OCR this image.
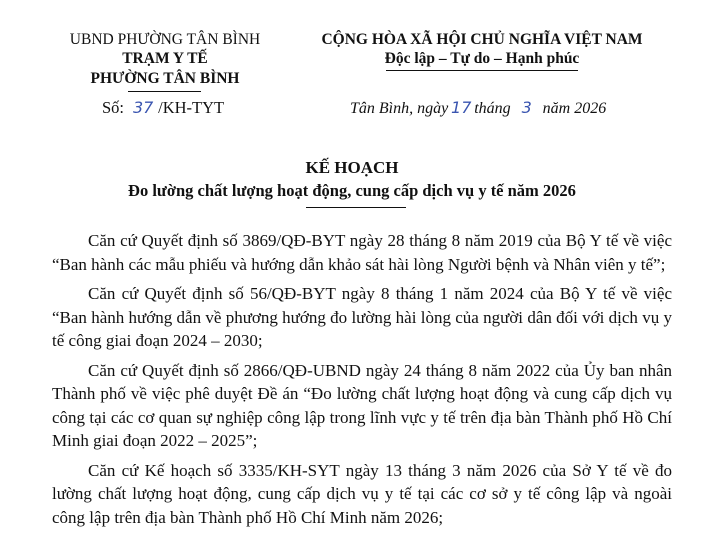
UBND PHƯỜNG TÂN BÌNH
TRẠM Y TẾ
PHƯỜNG TÂN BÌNH
Số: 37 /KH-TYT
CỘNG HÒA XÃ HỘI CHỦ NGHĨA VIỆT NAM
Độc lập – Tự do – Hạnh phúc
Tân Bình, ngày 17 tháng 3 năm 2026
KẾ HOẠCH
Đo lường chất lượng hoạt động, cung cấp dịch vụ y tế năm 2026

Căn cứ Quyết định số 3869/QĐ-BYT ngày 28 tháng 8 năm 2019 của Bộ Y tế về việc “Ban hành các mẫu phiếu và hướng dẫn khảo sát hài lòng Người bệnh và Nhân viên y tế”;

Căn cứ Quyết định số 56/QĐ-BYT ngày 8 tháng 1 năm 2024 của Bộ Y tế về việc “Ban hành hướng dẫn về phương hướng đo lường hài lòng của người dân đối với dịch vụ y tế công giai đoạn 2024 – 2030;

Căn cứ Quyết định số 2866/QĐ-UBND ngày 24 tháng 8 năm 2022 của Ủy ban nhân Thành phố về việc phê duyệt Đề án “Đo lường chất lượng hoạt động và cung cấp dịch vụ công tại các cơ quan sự nghiệp công lập trong lĩnh vực y tế trên địa bàn Thành phố Hồ Chí Minh giai đoạn 2022 – 2025”;

Căn cứ Kế hoạch số 3335/KH-SYT ngày 13 tháng 3 năm 2026 của Sở Y tế về đo lường chất lượng hoạt động, cung cấp dịch vụ y tế tại các cơ sở y tế công lập và ngoài công lập trên địa bàn Thành phố Hồ Chí Minh năm 2026;
